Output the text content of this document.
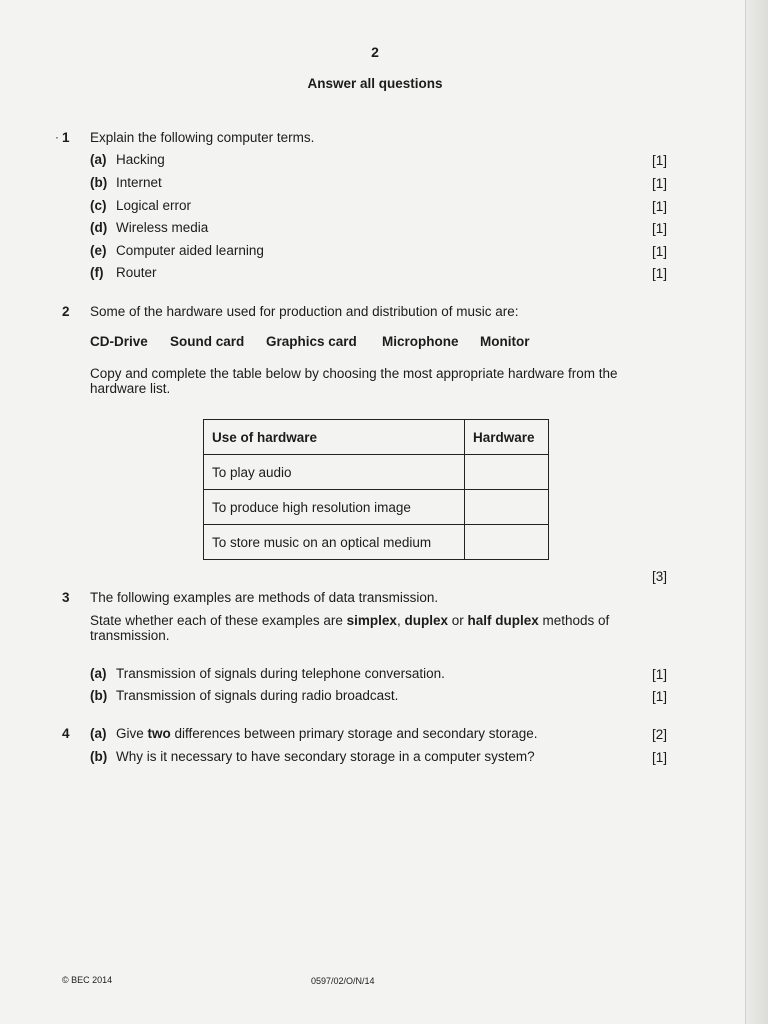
2
Answer all questions
· 1 Explain the following computer terms.
(a) Hacking	[1]
(b) Internet	[1]
(c) Logical error	[1]
(d) Wireless media	[1]
(e) Computer aided learning	[1]
(f) Router	[1]
2 Some of the hardware used for production and distribution of music are:
CD-Drive Sound card Graphics card Microphone Monitor
Copy and complete the table below by choosing the most appropriate hardware from the
hardware list.
Use of hardware	Hardware
To play audio	
To produce high resolution image	
To store music on an optical medium	
[3]
3 The following examples are methods of data transmission.
State whether each of these examples are simplex, duplex or half duplex methods of
transmission.
(a) Transmission of signals during telephone conversation.	[1]
(b) Transmission of signals during radio broadcast.	[1]
4 (a) Give two differences between primary storage and secondary storage.	[2]
(b) Why is it necessary to have secondary storage in a computer system?	[1]
© BEC 2014	0597/02/O/N/14
